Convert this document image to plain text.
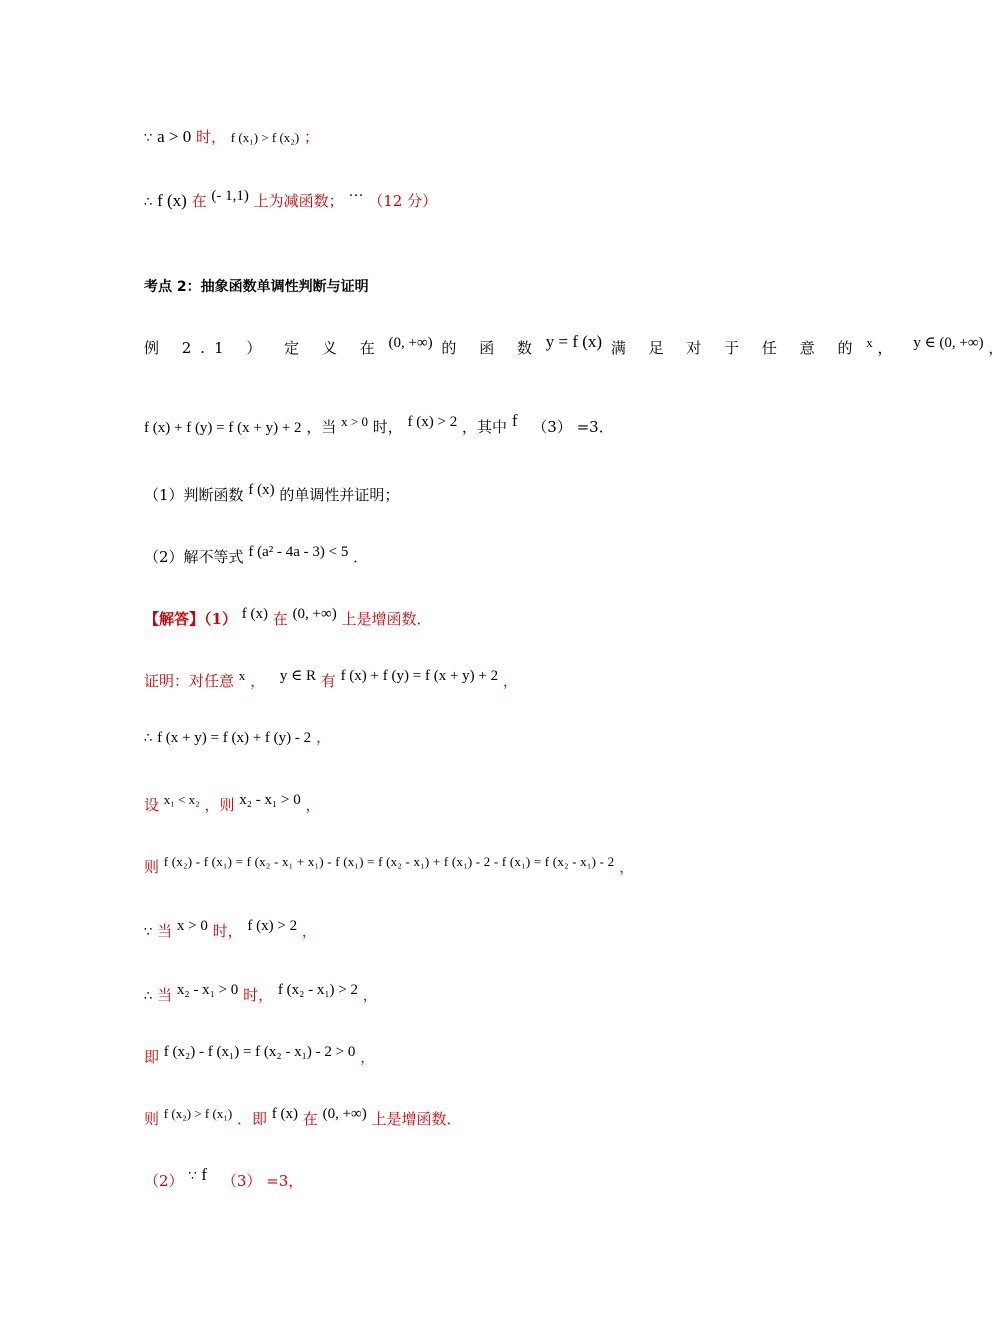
∵ a > 0 时， f (x₁) > f (x₂) ；
∴ f (x) 在 (- 1,1) 上为减函数； ··· （12 分）
考点 2：抽象函数单调性判断与证明
例 2.1 ） 定 义 在 (0, +∞) 的 函 数 y = f (x) 满 足 对 于 任 意 的 x ， y ∈ (0, +∞) ，
f (x) + f (y) = f (x + y) + 2 ，当 x > 0 时， f (x) > 2 ，其中 f （3） =3．
（1）判断函数 f (x) 的单调性并证明；
（2）解不等式 f (a² - 4a - 3) < 5 ．
【解答】（1） f (x) 在 (0, +∞) 上是增函数．
证明：对任意 x ， y ∈ R 有 f (x) + f (y) = f (x + y) + 2 ，
∴ f (x + y) = f (x) + f (y) - 2 ，
设 x₁ < x₂ ，则 x₂ - x₁ > 0 ，
则 f (x₂) - f (x₁) = f (x₂ - x₁ + x₁) - f (x₁) = f (x₂ - x₁) + f (x₁) - 2 - f (x₁) = f (x₂ - x₁) - 2 ，
∵ 当 x > 0 时， f (x) > 2 ，
∴ 当 x₂ - x₁ > 0 时， f (x₂ - x₁) > 2 ，
即 f (x₂) - f (x₁) = f (x₂ - x₁) - 2 > 0 ，
则 f (x₂) > f (x₁) ．即 f (x) 在 (0, +∞) 上是增函数．
（2） ∵ f （3） =3，
